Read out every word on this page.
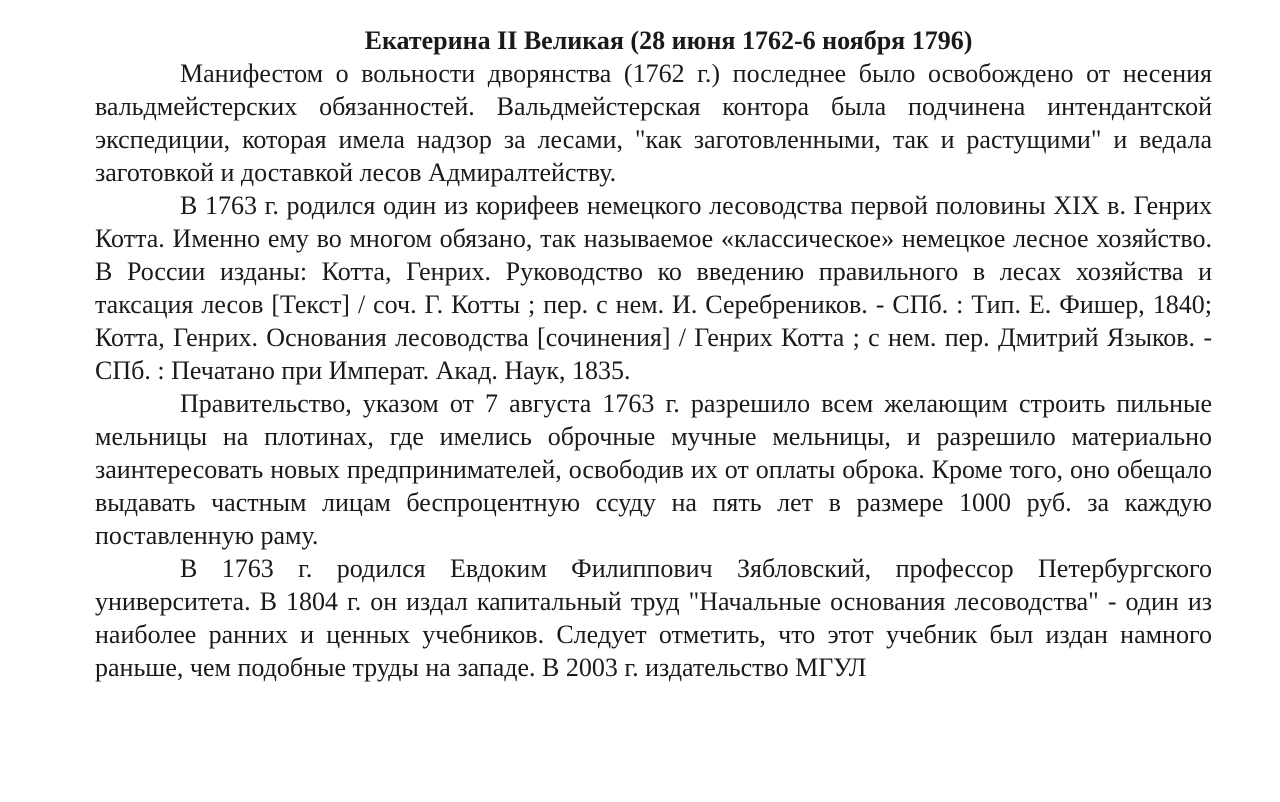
Екатерина II Великая (28 июня 1762-6 ноября 1796)

Манифестом о вольности дворянства (1762 г.) последнее было освобождено от несения вальдмейстерских обязанностей. Вальдмейстерская контора была подчинена интендантской экспедиции, которая имела надзор за лесами, "как заготовленными, так и растущими" и ведала заготовкой и доставкой лесов Адмиралтейству.

В 1763 г. родился один из корифеев немецкого лесоводства первой половины XIX в. Генрих Котта. Именно ему во многом обязано, так называемое «классическое» немецкое лесное хозяйство. В России изданы: Котта, Генрих. Руководство ко введению правильного в лесах хозяйства и таксация лесов [Текст] / соч. Г. Котты ; пер. с нем. И. Серебреников. - СПб. : Тип. Е. Фишер, 1840; Котта, Генрих. Основания лесоводства [сочинения] / Генрих Котта ; с нем. пер. Дмитрий Языков. - СПб. : Печатано при Императ. Акад. Наук, 1835.

Правительство, указом от 7 августа 1763 г. разрешило всем желающим строить пильные мельницы на плотинах, где имелись оброчные мучные мельницы, и разрешило материально заинтересовать новых предпринимателей, освободив их от оплаты оброка. Кроме того, оно обещало выдавать частным лицам беспроцентную ссуду на пять лет в размере 1000 руб. за каждую поставленную раму.

В 1763 г. родился Евдоким Филиппович Зябловский, профессор Петербургского университета. В 1804 г. он издал капитальный труд "Начальные основания лесоводства" - один из наиболее ранних и ценных учебников. Следует отметить, что этот учебник был издан намного раньше, чем подобные труды на западе. В 2003 г. издательство МГУЛ
